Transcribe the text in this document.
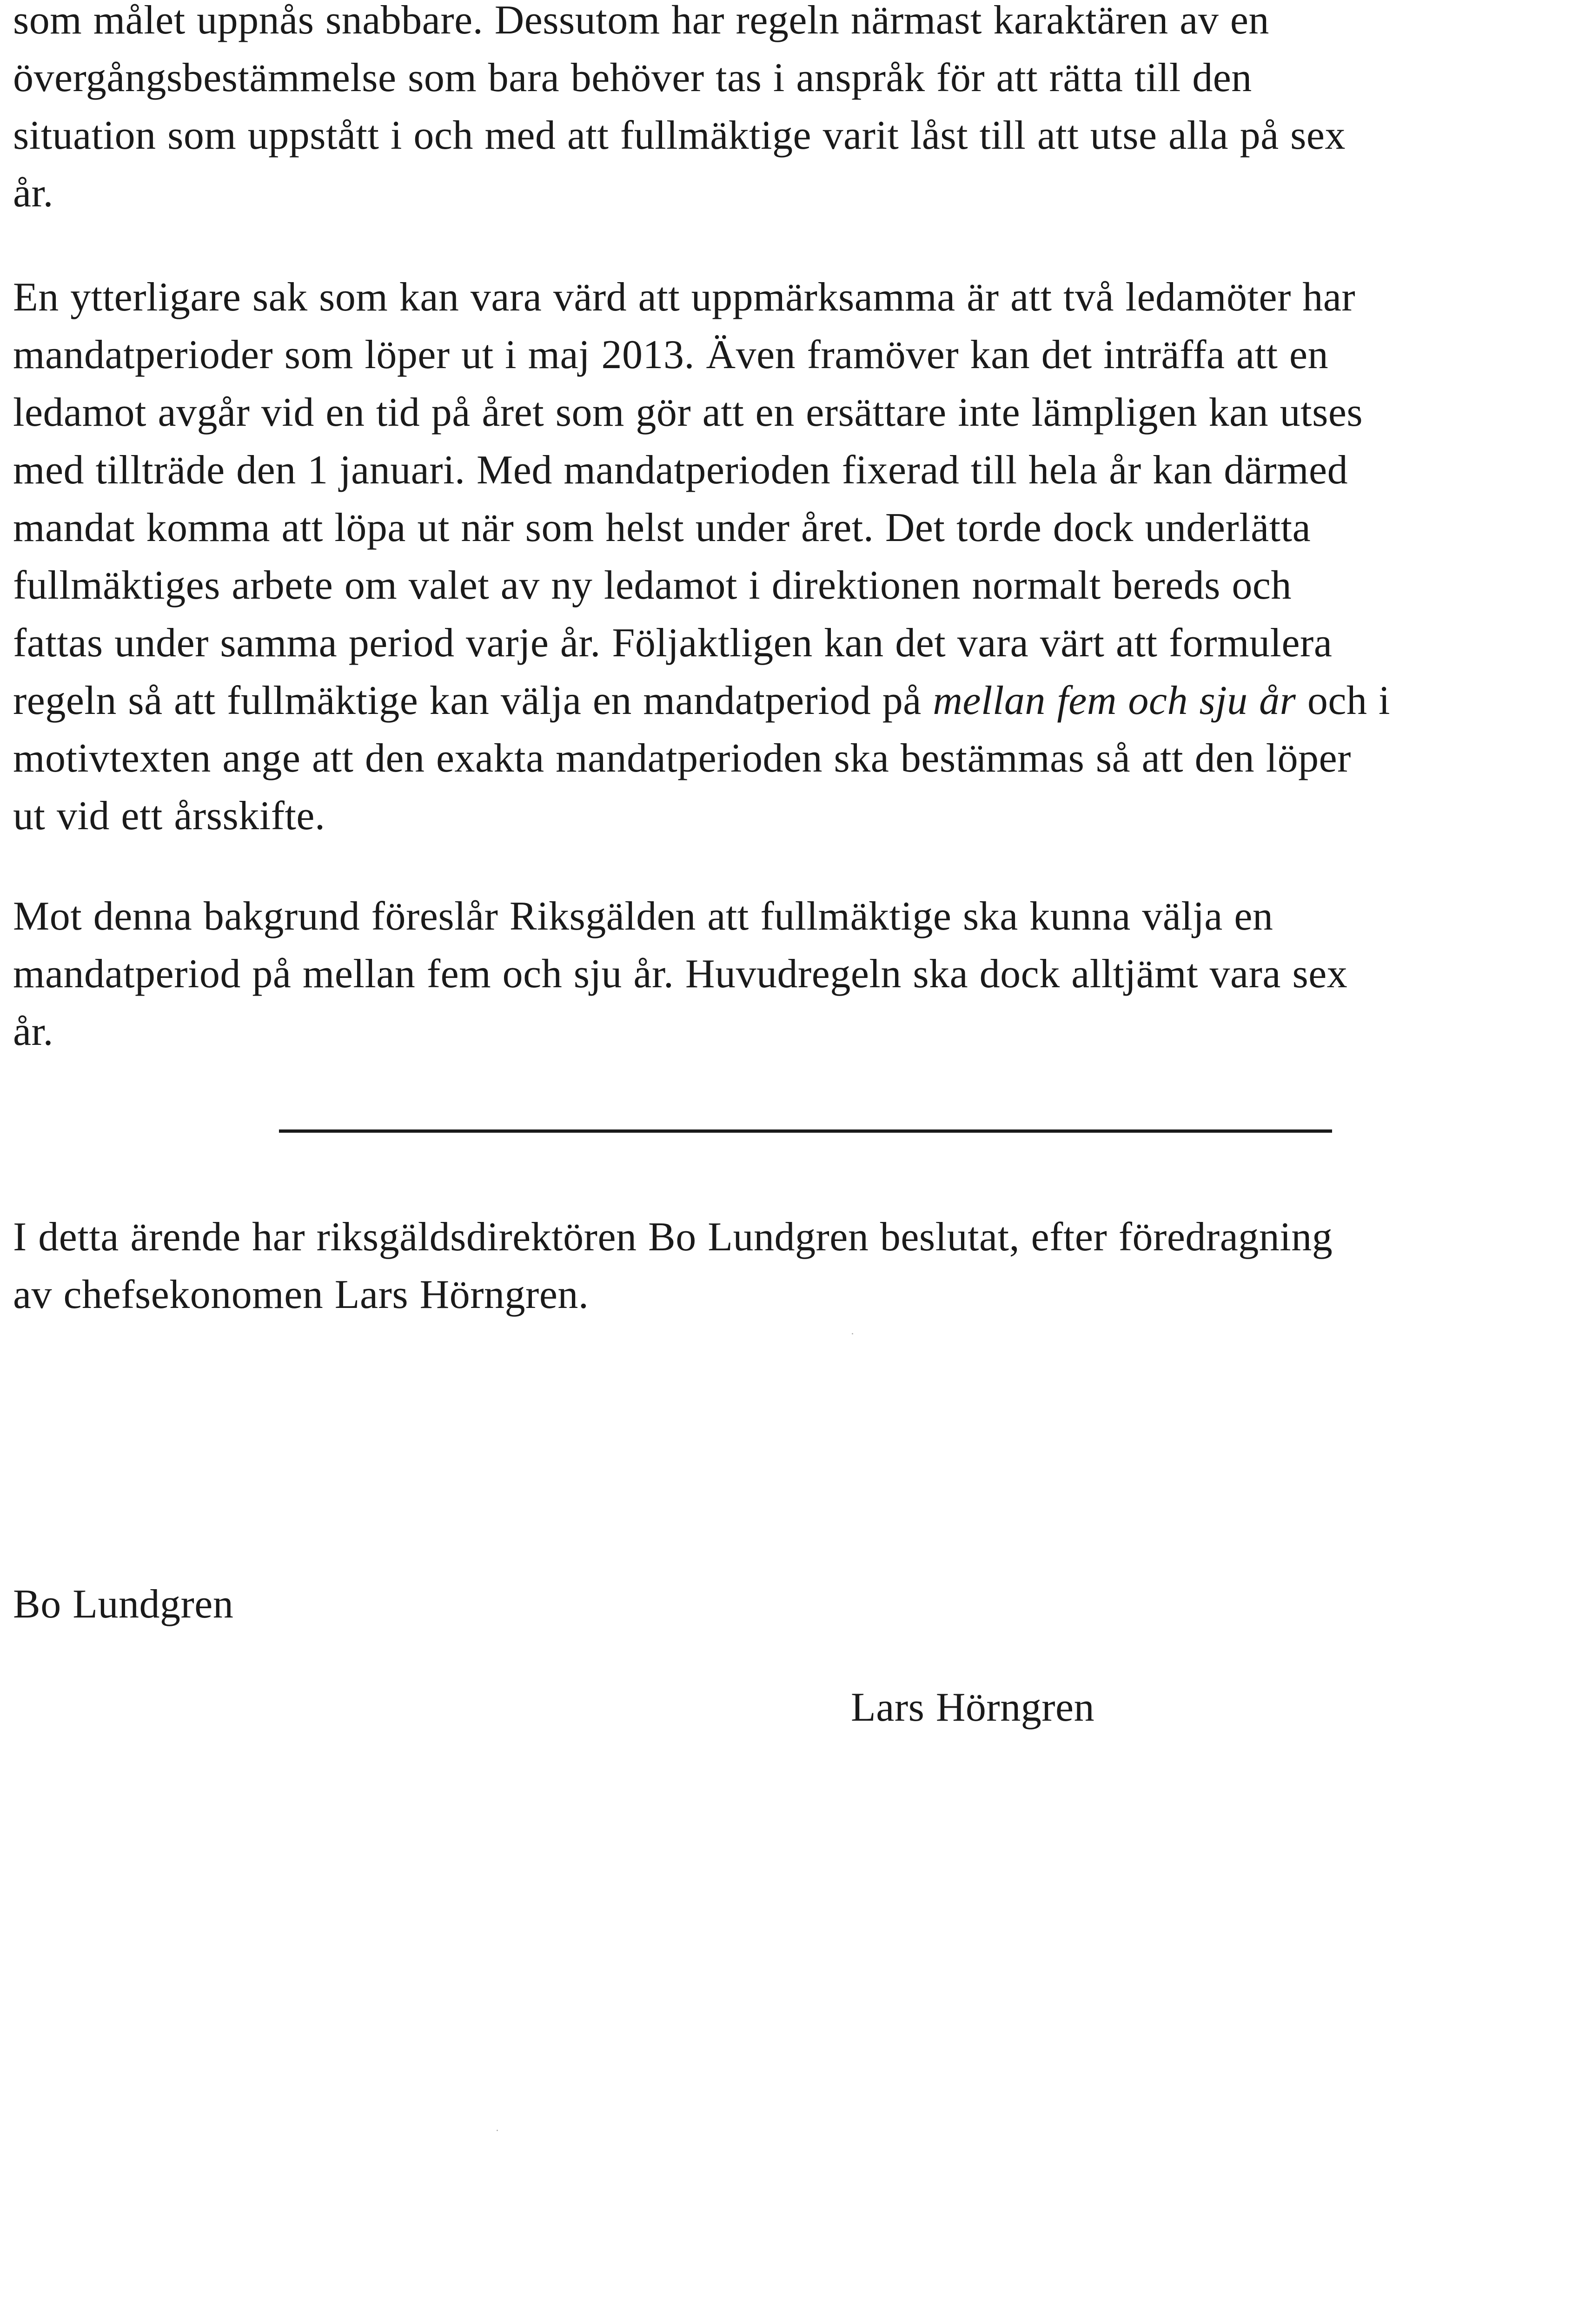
som målet uppnås snabbare. Dessutom har regeln närmast karaktären av en
övergångsbestämmelse som bara behöver tas i anspråk för att rätta till den
situation som uppstått i och med att fullmäktige varit låst till att utse alla på sex
år.

En ytterligare sak som kan vara värd att uppmärksamma är att två ledamöter har
mandatperioder som löper ut i maj 2013. Även framöver kan det inträffa att en
ledamot avgår vid en tid på året som gör att en ersättare inte lämpligen kan utses
med tillträde den 1 januari. Med mandatperioden fixerad till hela år kan därmed
mandat komma att löpa ut när som helst under året. Det torde dock underlätta
fullmäktiges arbete om valet av ny ledamot i direktionen normalt bereds och
fattas under samma period varje år. Följaktligen kan det vara värt att formulera
regeln så att fullmäktige kan välja en mandatperiod på mellan fem och sju år och i
motivtexten ange att den exakta mandatperioden ska bestämmas så att den löper
ut vid ett årsskifte.

Mot denna bakgrund föreslår Riksgälden att fullmäktige ska kunna välja en
mandatperiod på mellan fem och sju år. Huvudregeln ska dock alltjämt vara sex
år.

I detta ärende har riksgäldsdirektören Bo Lundgren beslutat, efter föredragning
av chefsekonomen Lars Hörngren.

Bo Lundgren

Lars Hörngren
